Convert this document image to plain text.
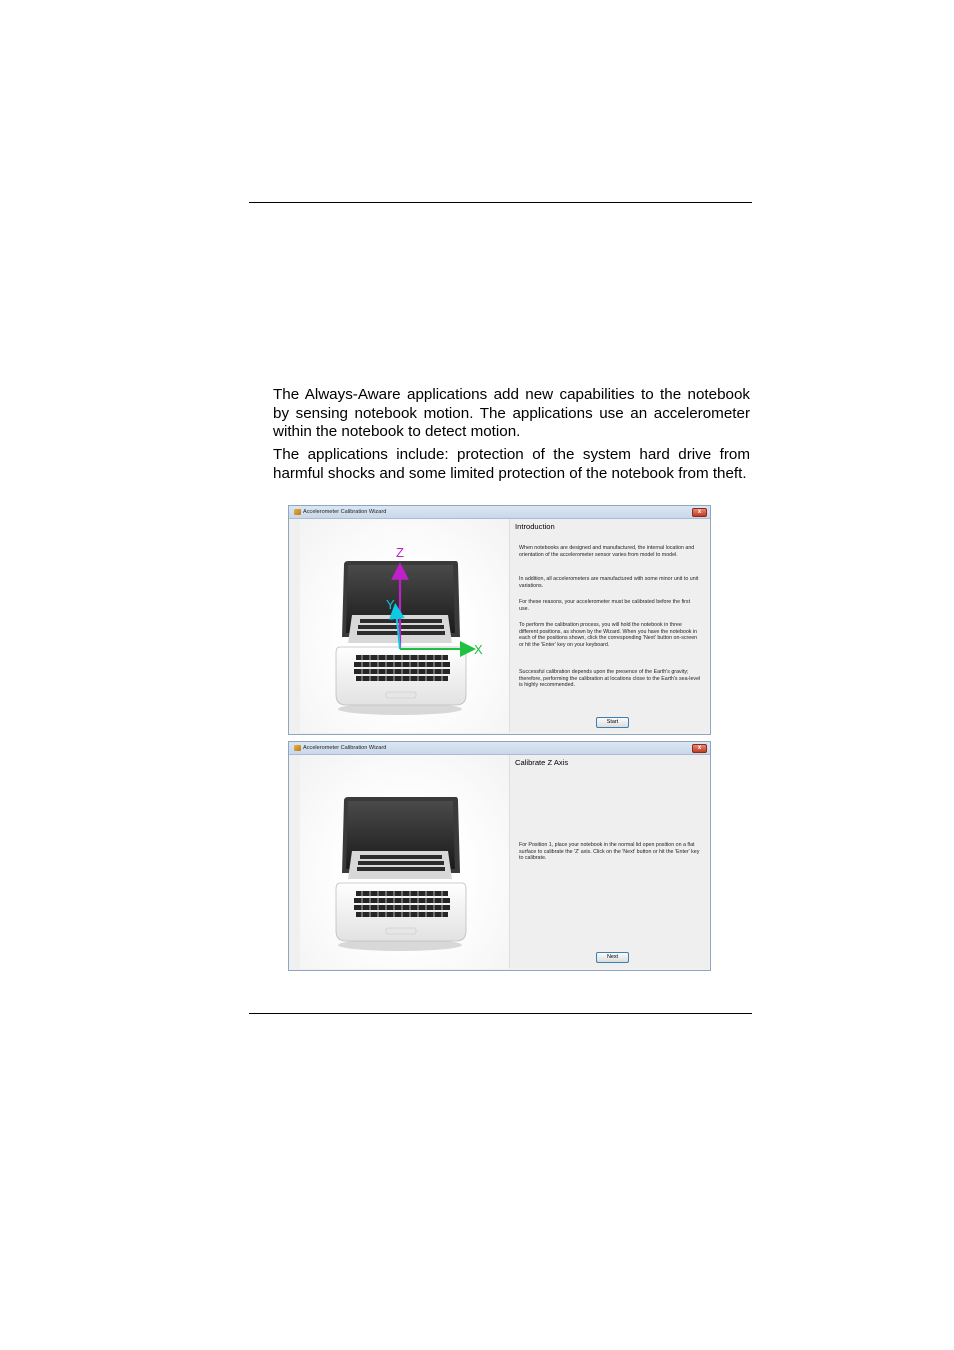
The Always-Aware applications add new capabilities to the notebook by sensing notebook motion. The applications use an accelerometer within the notebook to detect motion.

The applications include: protection of the system hard drive from harmful shocks and some limited protection of the notebook from theft.

Accelerometer Calibration Wizard	x
Z
Y
X
Introduction

When notebooks are designed and manufactured, the internal location and orientation of the accelerometer sensor varies from model to model.

In addition, all accelerometers are manufactured with some minor unit to unit variations.

For these reasons, your accelerometer must be calibrated before the first use.

To perform the calibration process, you will hold the notebook in three different positions, as shown by the Wizard. When you have the notebook in each of the positions shown, click the corresponding 'Next' button on-screen or hit the 'Enter' key on your keyboard.

Successful calibration depends upon the presence of the Earth's gravity; therefore, performing the calibration at locations close to the Earth's sea-level is highly recommended.

Start
Accelerometer Calibration Wizard	x
Calibrate Z Axis

For Position 1, place your notebook in the normal lid open position on a flat surface to calibrate the 'Z' axis. Click on the 'Next' button or hit the 'Enter' key to calibrate.

Next
